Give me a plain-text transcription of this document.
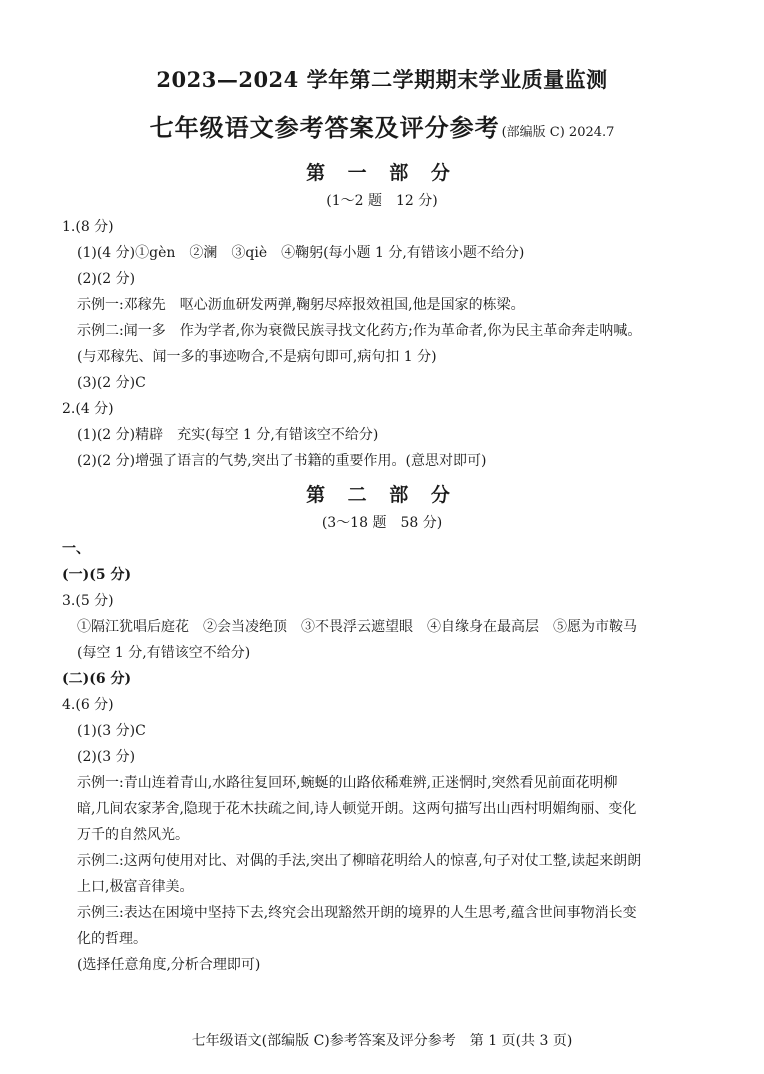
2023—2024 学年第二学期期末学业质量监测
七年级语文参考答案及评分参考 (部编版 C) 2024.7
第 一 部 分
(1～2 题　12 分)
1.(8 分)
(1)(4 分)①gèn　②澜　③qiè　④鞠躬(每小题 1 分,有错该小题不给分)
(2)(2 分)
示例一:邓稼先　呕心沥血研发两弹,鞠躬尽瘁报效祖国,他是国家的栋梁。
示例二:闻一多　作为学者,你为衰微民族寻找文化药方;作为革命者,你为民主革命奔走呐喊。
(与邓稼先、闻一多的事迹吻合,不是病句即可,病句扣 1 分)
(3)(2 分)C
2.(4 分)
(1)(2 分)精辟　充实(每空 1 分,有错该空不给分)
(2)(2 分)增强了语言的气势,突出了书籍的重要作用。(意思对即可)
第 二 部 分
(3～18 题　58 分)
一、
(一)(5 分)
3.(5 分)
①隔江犹唱后庭花　②会当凌绝顶　③不畏浮云遮望眼　④自缘身在最高层　⑤愿为市鞍马
(每空 1 分,有错该空不给分)
(二)(6 分)
4.(6 分)
(1)(3 分)C
(2)(3 分)
示例一:青山连着青山,水路往复回环,蜿蜒的山路依稀难辨,正迷惘时,突然看见前面花明柳
暗,几间农家茅舍,隐现于花木扶疏之间,诗人顿觉开朗。这两句描写出山西村明媚绚丽、变化
万千的自然风光。
示例二:这两句使用对比、对偶的手法,突出了柳暗花明给人的惊喜,句子对仗工整,读起来朗朗
上口,极富音律美。
示例三:表达在困境中坚持下去,终究会出现豁然开朗的境界的人生思考,蕴含世间事物消长变
化的哲理。
(选择任意角度,分析合理即可)
七年级语文(部编版 C)参考答案及评分参考　第 1 页(共 3 页)
